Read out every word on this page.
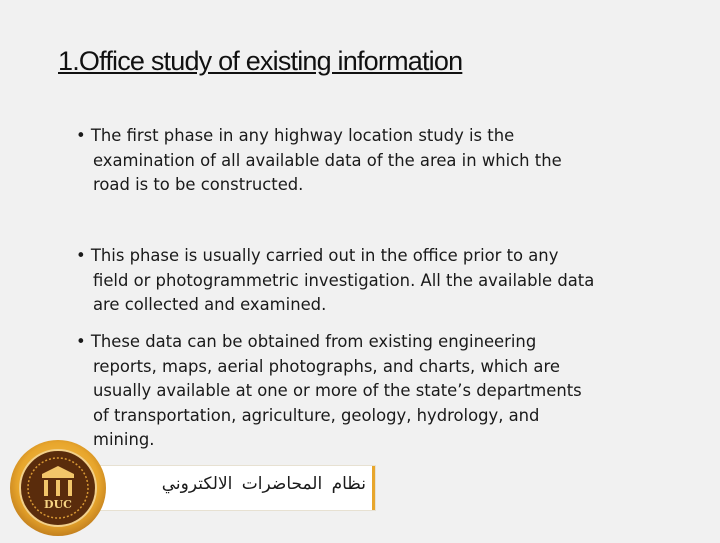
1.Office study of existing information
• The first phase in any highway location study is the
examination of all available data of the area in which the
road is to be constructed.
• This phase is usually carried out in the office prior to any
field or photogrammetric investigation. All the available data
are collected and examined.
• These data can be obtained from existing engineering
reports, maps, aerial photographs, and charts, which are
usually available at one or more of the state’s departments
of transportation, agriculture, geology, hydrology, and
mining.
نظام المحاضرات الالكتروني
DUC
